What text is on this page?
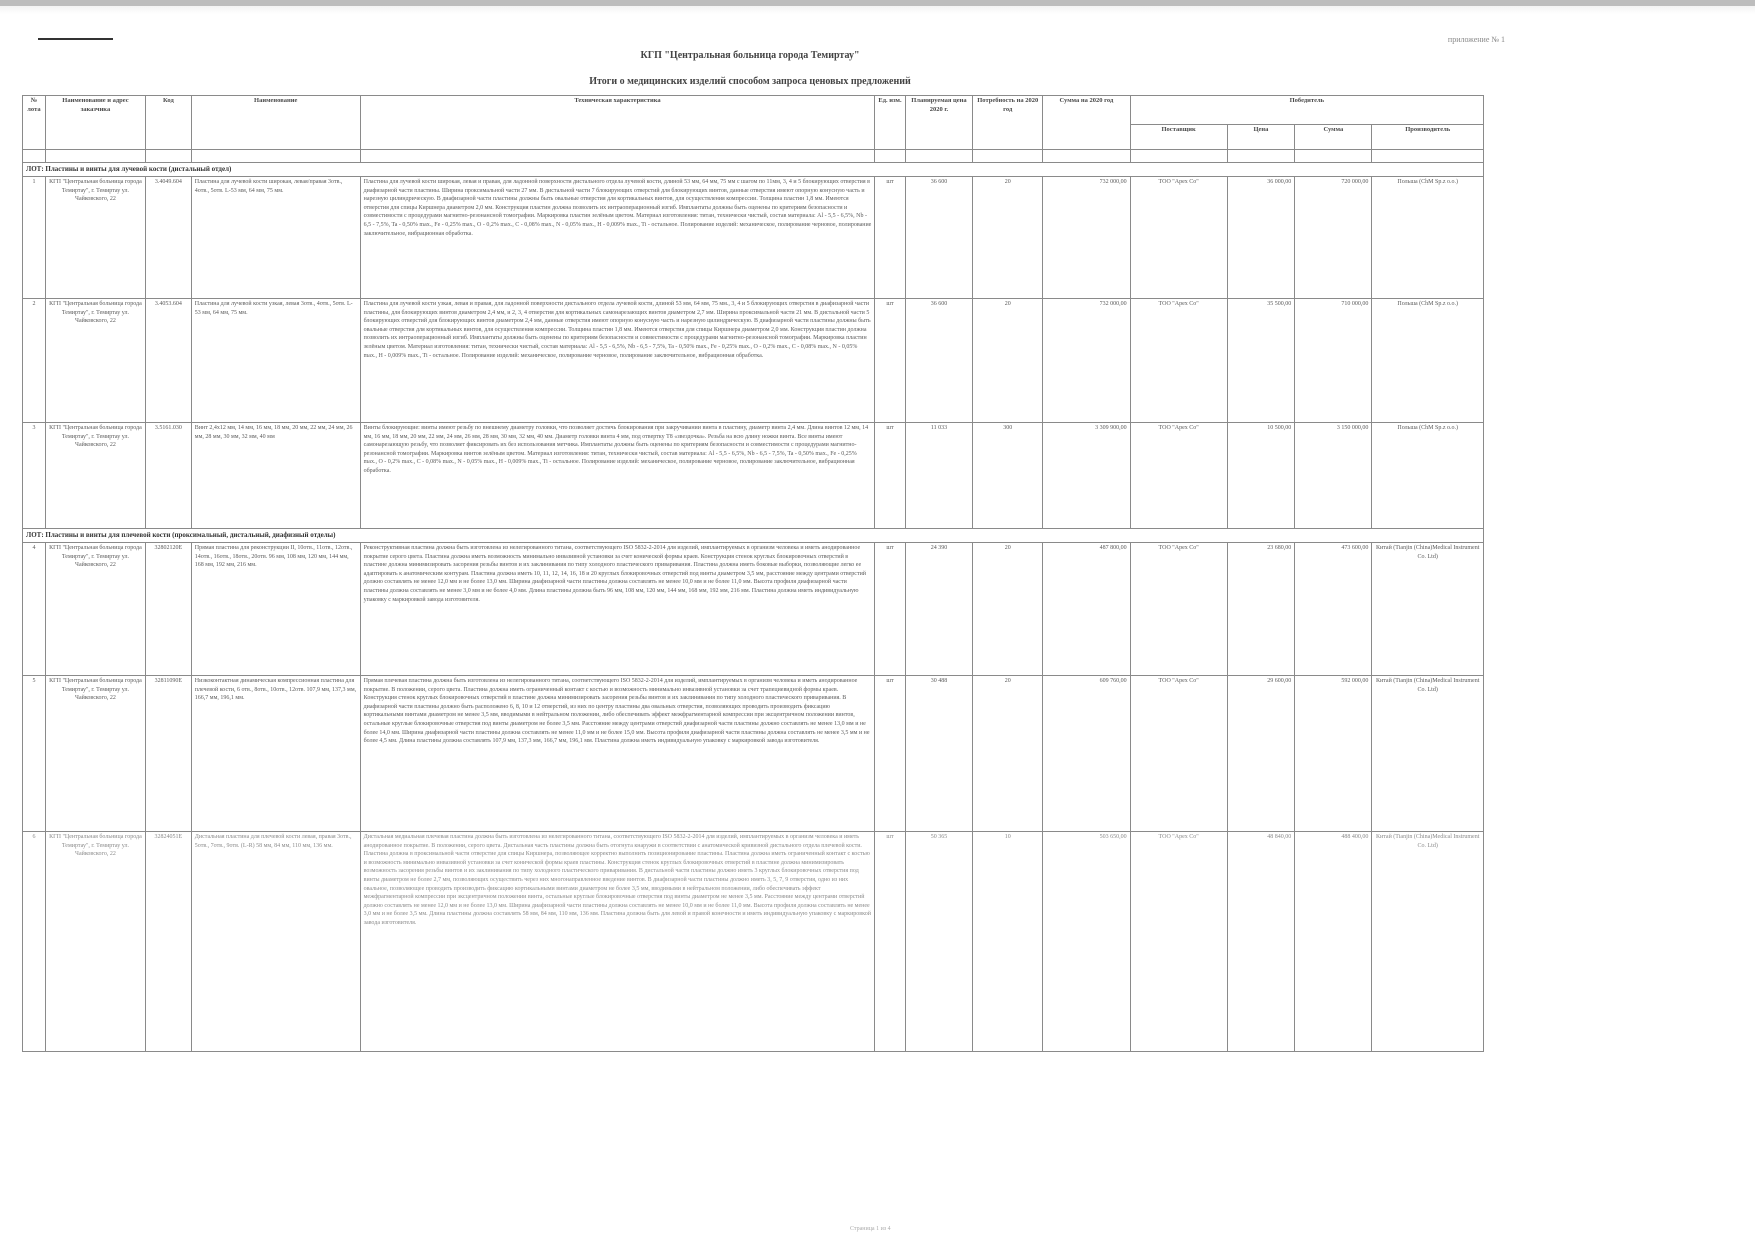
приложение № 1
КГП "Центральная больница города Темиртау"
Итоги о медицинских изделий способом запроса ценовых предложений
№ лота	Наименование и адрес заказчика	Код	Наименование	Техническая характеристика	Ед. изм.	Планируемая цена 2020 г.	Потребность на 2020 год	Сумма на 2020 год	Победитель			
									Поставщик	Цена	Сумма	Производитель

ЛОТ: Пластины и винты для лучевой кости (дистальный отдел)												
1	КГП "Центральная больница города Темиртау", г. Темиртау ул. Чайковского, 22	3.4049.604	Пластина для лучевой кости широкая, левая/правая 3отв., 4отв., 5отв. L-53 мм, 64 мм, 75 мм.	Пластина для лучевой кости широкая, левая и правая, для ладонной поверхности дистального отдела лучевой кости, длиной 53 мм, 64 мм, 75 мм с шагом по 11мм, 3, 4 и 5 блокирующих отверстия в диафизарной части пластины. Ширина проксимальной части 27 мм. В дистальной части 7 блокирующих отверстий для блокирующих винтов, данные отверстия имеют опорную конусную часть и нарезную цилиндрическую. В диафизарной части пластины должны быть овальные отверстия для кортикальных винтов, для осуществления компрессии. Толщина пластин 1,8 мм. Имеются отверстия для спицы Киршнера диаметром 2,0 мм. Конструкция пластин должна позволить их интраоперационный изгиб. Имплантаты должны быть оценены по критериям безопасности и совместимости с процедурами магнитно-резонансной томографии. Маркировка пластин зелёным цветом. Материал изготовления: титан, технически чистый, состав материала: Al - 5,5 - 6,5%, Nb - 6,5 - 7,5%, Ta - 0,50% max., Fe - 0,25% max., O - 0,2% max., C - 0,08% max., N - 0,05% max., H - 0,009% max., Ti - остальное. Полирование изделий: механическое, полирование черновое, полирование заключительное, вибрационная обработка.	шт	36 600	20	732 000,00	ТОО "Apex Co"	36 000,00	720 000,00	Польша (ChM Sp.z o.o.)
2	КГП "Центральная больница города Темиртау", г. Темиртау ул. Чайковского, 22	3.4053.604	Пластина для лучевой кости узкая, левая 3отв., 4отв., 5отв. L-53 мм, 64 мм, 75 мм.	Пластина для лучевой кости узкая, левая и правая, для ладонной поверхности дистального отдела лучевой кости, длиной 53 мм, 64 мм, 75 мм., 3, 4 и 5 блокирующих отверстия в диафизарной части пластины, для блокирующих винтов диаметром 2,4 мм, и 2, 3, 4 отверстия для кортикальных самонарезающих винтов диаметром 2,7 мм. Ширина проксимальной части 21 мм. В дистальной части 5 блокирующих отверстий для блокирующих винтов диаметром 2,4 мм, данные отверстия имеют опорную конусную часть и нарезную цилиндрическую. В диафизарной части пластины должны быть овальные отверстия для кортикальных винтов, для осуществления компрессии. Толщина пластин 1,8 мм. Имеются отверстия для спицы Киршнера диаметром 2,0 мм. Конструкция пластин должна позволить их интраоперационный изгиб. Имплантаты должны быть оценены по критериям безопасности и совместимости с процедурами магнитно-резонансной томографии. Маркировка пластин зелёным цветом. Материал изготовления: титан, технически чистый, состав материала: Al - 5,5 - 6,5%, Nb - 6,5 - 7,5%, Ta - 0,50% max., Fe - 0,25% max., O - 0,2% max., C - 0,08% max., N - 0,05% max., H - 0,009% max., Ti - остальное. Полирование изделий: механическое, полирование черновое, полирование заключительное, вибрационная обработка.	шт	36 600	20	732 000,00	ТОО "Apex Co"	35 500,00	710 000,00	Польша (ChM Sp.z o.o.)
3	КГП "Центральная больница города Темиртау", г. Темиртау ул. Чайковского, 22	3.5161.030	Винт 2,4x12 мм, 14 мм, 16 мм, 18 мм, 20 мм, 22 мм, 24 мм, 26 мм, 28 мм, 30 мм, 32 мм, 40 мм	Винты блокирующие: винты имеют резьбу по внешнему диаметру головки, что позволяет достичь блокирования при закручивании винта в пластину, диаметр винта 2,4 мм. Длина винтов 12 мм, 14 мм, 16 мм, 18 мм, 20 мм, 22 мм, 24 мм, 26 мм, 28 мм, 30 мм, 32 мм, 40 мм. Диаметр головки винта 4 мм, под отвертку T8 «звездочка». Резьба на всю длину ножки винта. Все винты имеют самонарезающую резьбу, что позволяет фиксировать их без использования метчика. Имплантаты должны быть оценены по критериям безопасности и совместимости с процедурами магнитно-резонансной томографии. Маркировка винтов зелёным цветом. Материал изготовления: титан, технически чистый, состав материала: Al - 5,5 - 6,5%, Nb - 6,5 - 7,5%, Ta - 0,50% max., Fe - 0,25% max., O - 0,2% max., C - 0,08% max., N - 0,05% max., H - 0,009% max., Ti - остальное. Полирование изделий: механическое, полирование черновое, полирование заключительное, вибрационная обработка.	шт	11 033	300	3 309 900,00	ТОО "Apex Co"	10 500,00	3 150 000,00	Польша (ChM Sp.z o.o.)
ЛОТ: Пластины и винты для плечевой кости (проксимальный, дистальный, диафизный отделы)												
4	КГП "Центральная больница города Темиртау", г. Темиртау ул. Чайковского, 22	32802120E	Прямая пластина для реконструкции II, 10отв., 11отв., 12отв., 14отв., 16отв., 18отв., 20отв. 96 мм, 108 мм, 120 мм, 144 мм, 168 мм, 192 мм, 216 мм.	Реконструктивная пластина должна быть изготовлена из нелегированного титана, соответствующего ISO 5832-2-2014 для изделий, имплантируемых в организм человека и иметь анодированное покрытие серого цвета. Пластина должна иметь возможность минимально инвазивной установки за счет конической формы краев. Конструкция стенок круглых блокировочных отверстий в пластине должна минимизировать засорения резьбы винтов и их заклинивания по типу холодного пластического приваривания. Пластина должна иметь боковые выборки, позволяющие легко ее адаптировать к анатомическим контурам. Пластина должна иметь 10, 11, 12, 14, 16, 18 и 20 круглых блокировочных отверстий под винты диаметром 3,5 мм, расстояние между центрами отверстий должно составлять не менее 12,0 мм и не более 13,0 мм. Ширина диафизарной части пластины должна составлять не менее 10,0 мм и не более 11,0 мм. Высота профиля диафизарной части пластины должна составлять не менее 3,0 мм и не более 4,0 мм. Длина пластины должна быть 96 мм, 108 мм, 120 мм, 144 мм, 168 мм, 192 мм, 216 мм. Пластина должна иметь индивидуальную упаковку с маркировкой завода изготовителя.	шт	24 390	20	487 800,00	ТОО "Apex Co"	23 680,00	473 600,00	Китай (Tianjin (China)Medical Instrument Co. Ltd)
5	КГП "Центральная больница города Темиртау", г. Темиртау ул. Чайковского, 22	32811090E	Низкоконтактная динамическая компрессионная пластина для плечевой кости, 6 отв., 8отв., 10отв., 12отв. 107,9 мм, 137,3 мм, 166,7 мм, 196,1 мм.	Прямая плечевая пластина должна быть изготовлена из нелегированного титана, соответствующего ISO 5832-2-2014 для изделий, имплантируемых в организм человека и иметь анодированное покрытие. В положении, серого цвета. Пластина должна иметь ограниченный контакт с костью и возможность минимально инвазивной установки за счет трапециевидной формы краев. Конструкция стенок круглых блокировочных отверстий в пластине должна минимизировать засорения резьбы винтов и их заклинивания по типу холодного пластического приваривания. В диафизарной части пластины должно быть расположено 6, 8, 10 и 12 отверстий, из них по центру пластины два овальных отверстия, позволяющих проводить производить фиксацию кортикальными винтами диаметром не менее 3,5 мм, вводимыми в нейтральном положении, либо обеспечивать эффект межфрагментарной компрессии при эксцентричном положении винтов, остальные круглые блокировочные отверстия под винты диаметром не более 3,5 мм. Расстояние между центрами отверстий диафизарной части пластины должно составлять не менее 13,0 мм и не более 14,0 мм. Ширина диафизарной части пластины должна составлять не менее 11,0 мм и не более 15,0 мм. Высота профиля диафизарной части пластины должна составлять не менее 3,5 мм и не более 4,5 мм. Длина пластины должна составлять 107,9 мм, 137,3 мм, 166,7 мм, 196,1 мм. Пластина должна иметь индивидуальную упаковку с маркировкой завода изготовителя.	шт	30 488	20	609 760,00	ТОО "Apex Co"	29 600,00	592 000,00	Китай (Tianjin (China)Medical Instrument Co. Ltd)
6	КГП "Центральная больница города Темиртау", г. Темиртау ул. Чайковского, 22	32824051E	Дистальная пластина для плечевой кости левая, правая 3отв., 5отв., 7отв., 9отв. (L-R) 58 мм, 84 мм, 110 мм, 136 мм.	Дистальная медиальная плечевая пластина должна быть изготовлена из нелегированного титана, соответствующего ISO 5832-2-2014 для изделий, имплантируемых в организм человека и иметь анодированное покрытие. В положении, серого цвета. Дистальная часть пластины должна быть отогнута кнаружи в соответствии с анатомической кривизной дистального отдела плечевой кости. Пластина должна в проксимальной части отверстие для спицы Киршнера, позволяющее корректно выполнить позиционирование пластины. Пластина должна иметь ограниченный контакт с костью и возможность минимально инвазивной установки за счет конической формы краев пластины. Конструкция стенок круглых блокировочных отверстий в пластине должна минимизировать возможность засорения резьбы винтов и их заклинивания по типу холодного пластического приваривания. В дистальной части пластины должно иметь 3 круглых блокировочных отверстия под винты диаметром не более 2,7 мм, позволяющих осуществить через них многонаправленное введение винтов. В диафизарной части пластины должно иметь 3, 5, 7, 9 отверстия, одно из них овальное, позволяющее проводить производить фиксацию кортикальными винтами диаметром не более 3,5 мм, вводимыми в нейтральном положении, либо обеспечивать эффект межфрагментарной компрессии при эксцентричном положении винта, остальные круглые блокировочные отверстия под винты диаметром не менее 3,5 мм. Расстояние между центрами отверстий должно составлять не менее 12,0 мм и не более 13,0 мм. Ширина диафизарной части пластины должна составлять не менее 10,0 мм и не более 11,0 мм. Высота профиля должна составлять не менее 3,0 мм и не более 3,5 мм. Длина пластины должна составлять 58 мм, 84 мм, 110 мм, 136 мм. Пластина должна быть для левой и правой конечности и иметь индивидуальную упаковку с маркировкой завода изготовителя.	шт	50 365	10	503 650,00	ТОО "Apex Co"	48 840,00	488 400,00	Китай (Tianjin (China)Medical Instrument Co. Ltd)
Страница 1 из 4
